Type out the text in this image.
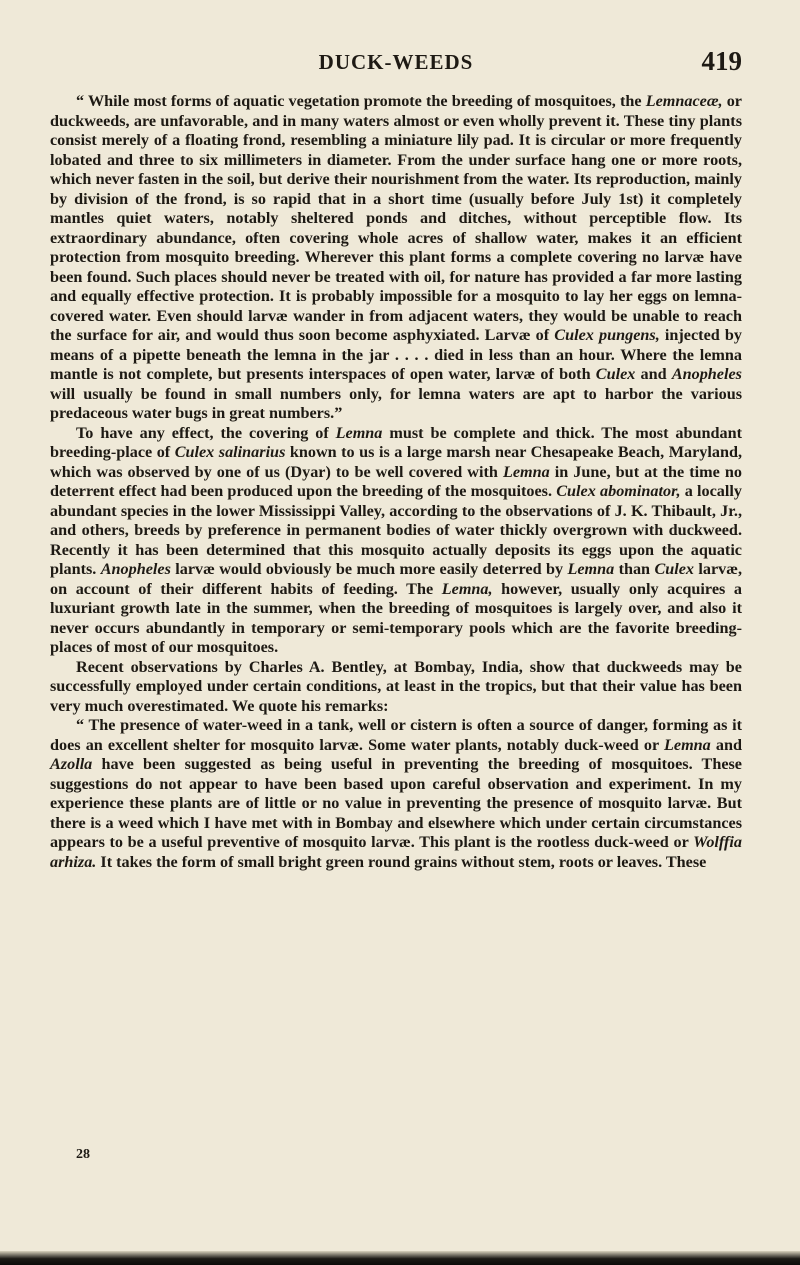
DUCK-WEEDS	419

“ While most forms of aquatic vegetation promote the breeding of mosquitoes, the Lemnaceæ, or duckweeds, are unfavorable, and in many waters almost or even wholly prevent it. These tiny plants consist merely of a floating frond, resembling a miniature lily pad. It is circular or more frequently lobated and three to six millimeters in diameter. From the under surface hang one or more roots, which never fasten in the soil, but derive their nourishment from the water. Its reproduction, mainly by division of the frond, is so rapid that in a short time (usually before July 1st) it completely mantles quiet waters, notably sheltered ponds and ditches, without perceptible flow. Its extraordinary abundance, often covering whole acres of shallow water, makes it an efficient protection from mosquito breeding. Wherever this plant forms a complete covering no larvæ have been found. Such places should never be treated with oil, for nature has provided a far more lasting and equally effective protection. It is probably impossible for a mosquito to lay her eggs on lemna-covered water. Even should larvæ wander in from adjacent waters, they would be unable to reach the surface for air, and would thus soon become asphyxiated. Larvæ of Culex pungens, injected by means of a pipette beneath the lemna in the jar . . . . died in less than an hour. Where the lemna mantle is not complete, but presents interspaces of open water, larvæ of both Culex and Anopheles will usually be found in small numbers only, for lemna waters are apt to harbor the various predaceous water bugs in great numbers.”

To have any effect, the covering of Lemna must be complete and thick. The most abundant breeding-place of Culex salinarius known to us is a large marsh near Chesapeake Beach, Maryland, which was observed by one of us (Dyar) to be well covered with Lemna in June, but at the time no deterrent effect had been produced upon the breeding of the mosquitoes. Culex abominator, a locally abundant species in the lower Mississippi Valley, according to the observations of J. K. Thibault, Jr., and others, breeds by preference in permanent bodies of water thickly overgrown with duckweed. Recently it has been determined that this mosquito actually deposits its eggs upon the aquatic plants. Anopheles larvæ would obviously be much more easily deterred by Lemna than Culex larvæ, on account of their different habits of feeding. The Lemna, however, usually only acquires a luxuriant growth late in the summer, when the breeding of mosquitoes is largely over, and also it never occurs abundantly in temporary or semi-temporary pools which are the favorite breeding-places of most of our mosquitoes.

Recent observations by Charles A. Bentley, at Bombay, India, show that duckweeds may be successfully employed under certain conditions, at least in the tropics, but that their value has been very much overestimated. We quote his remarks:

“ The presence of water-weed in a tank, well or cistern is often a source of danger, forming as it does an excellent shelter for mosquito larvæ. Some water plants, notably duck-weed or Lemna and Azolla have been suggested as being useful in preventing the breeding of mosquitoes. These suggestions do not appear to have been based upon careful observation and experiment. In my experience these plants are of little or no value in preventing the presence of mosquito larvæ. But there is a weed which I have met with in Bombay and elsewhere which under certain circumstances appears to be a useful preventive of mosquito larvæ. This plant is the rootless duck-weed or Wolffia arhiza. It takes the form of small bright green round grains without stem, roots or leaves. These

28
